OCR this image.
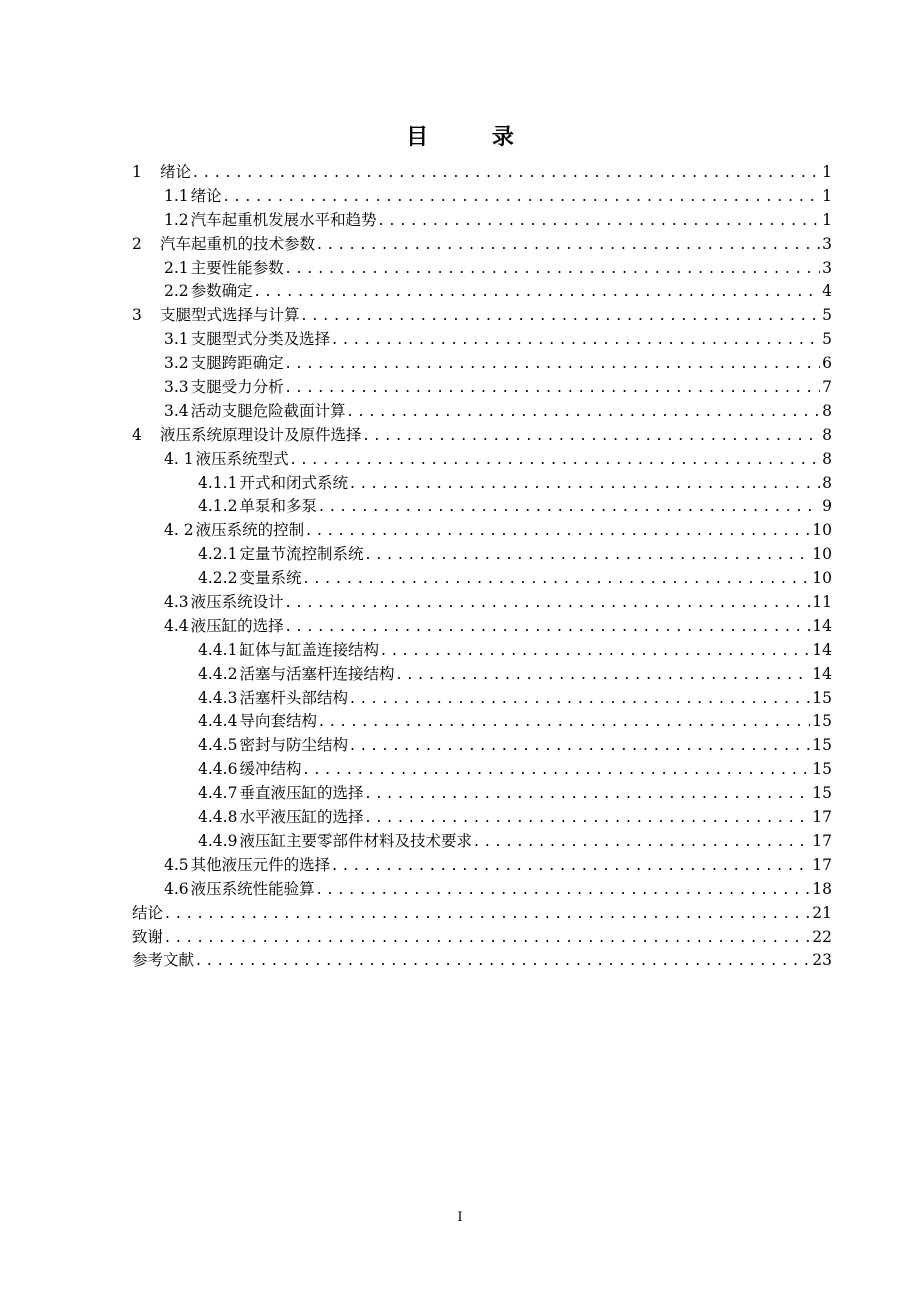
目 录
1	绪论 . . .	1
1.1 绪论 . . .	1
1.2 汽车起重机发展水平和趋势 . . .	1
2	汽车起重机的技术参数 . . .	3
2.1 主要性能参数 . . .	3
2.2 参数确定 . . .	4
3	支腿型式选择与计算 . . .	5
3.1 支腿型式分类及选择 . . .	5
3.2 支腿跨距确定 . . .	6
3.3 支腿受力分析 . . .	7
3.4 活动支腿危险截面计算 . . .	8
4	液压系统原理设计及原件选择 . . .	8
4. 1 液压系统型式 . . .	8
4.1.1 开式和闭式系统 . . .	8
4.1.2 单泵和多泵 . . .	9
4. 2 液压系统的控制 . . .	10
4.2.1 定量节流控制系统 . . .	10
4.2.2 变量系统 . . .	10
4.3 液压系统设计 . . .	11
4.4 液压缸的选择 . . .	14
4.4.1 缸体与缸盖连接结构 . . .	14
4.4.2 活塞与活塞杆连接结构 . . .	14
4.4.3 活塞杆头部结构 . . .	15
4.4.4 导向套结构 . . .	15
4.4.5 密封与防尘结构 . . .	15
4.4.6 缓冲结构 . . .	15
4.4.7 垂直液压缸的选择 . . .	15
4.4.8 水平液压缸的选择 . . .	17
4.4.9 液压缸主要零部件材料及技术要求 . . .	17
4.5 其他液压元件的选择 . . .	17
4.6 液压系统性能验算 . . .	18
结论 . . .	21
致谢 . . .	22
参考文献 . . .	23
I
